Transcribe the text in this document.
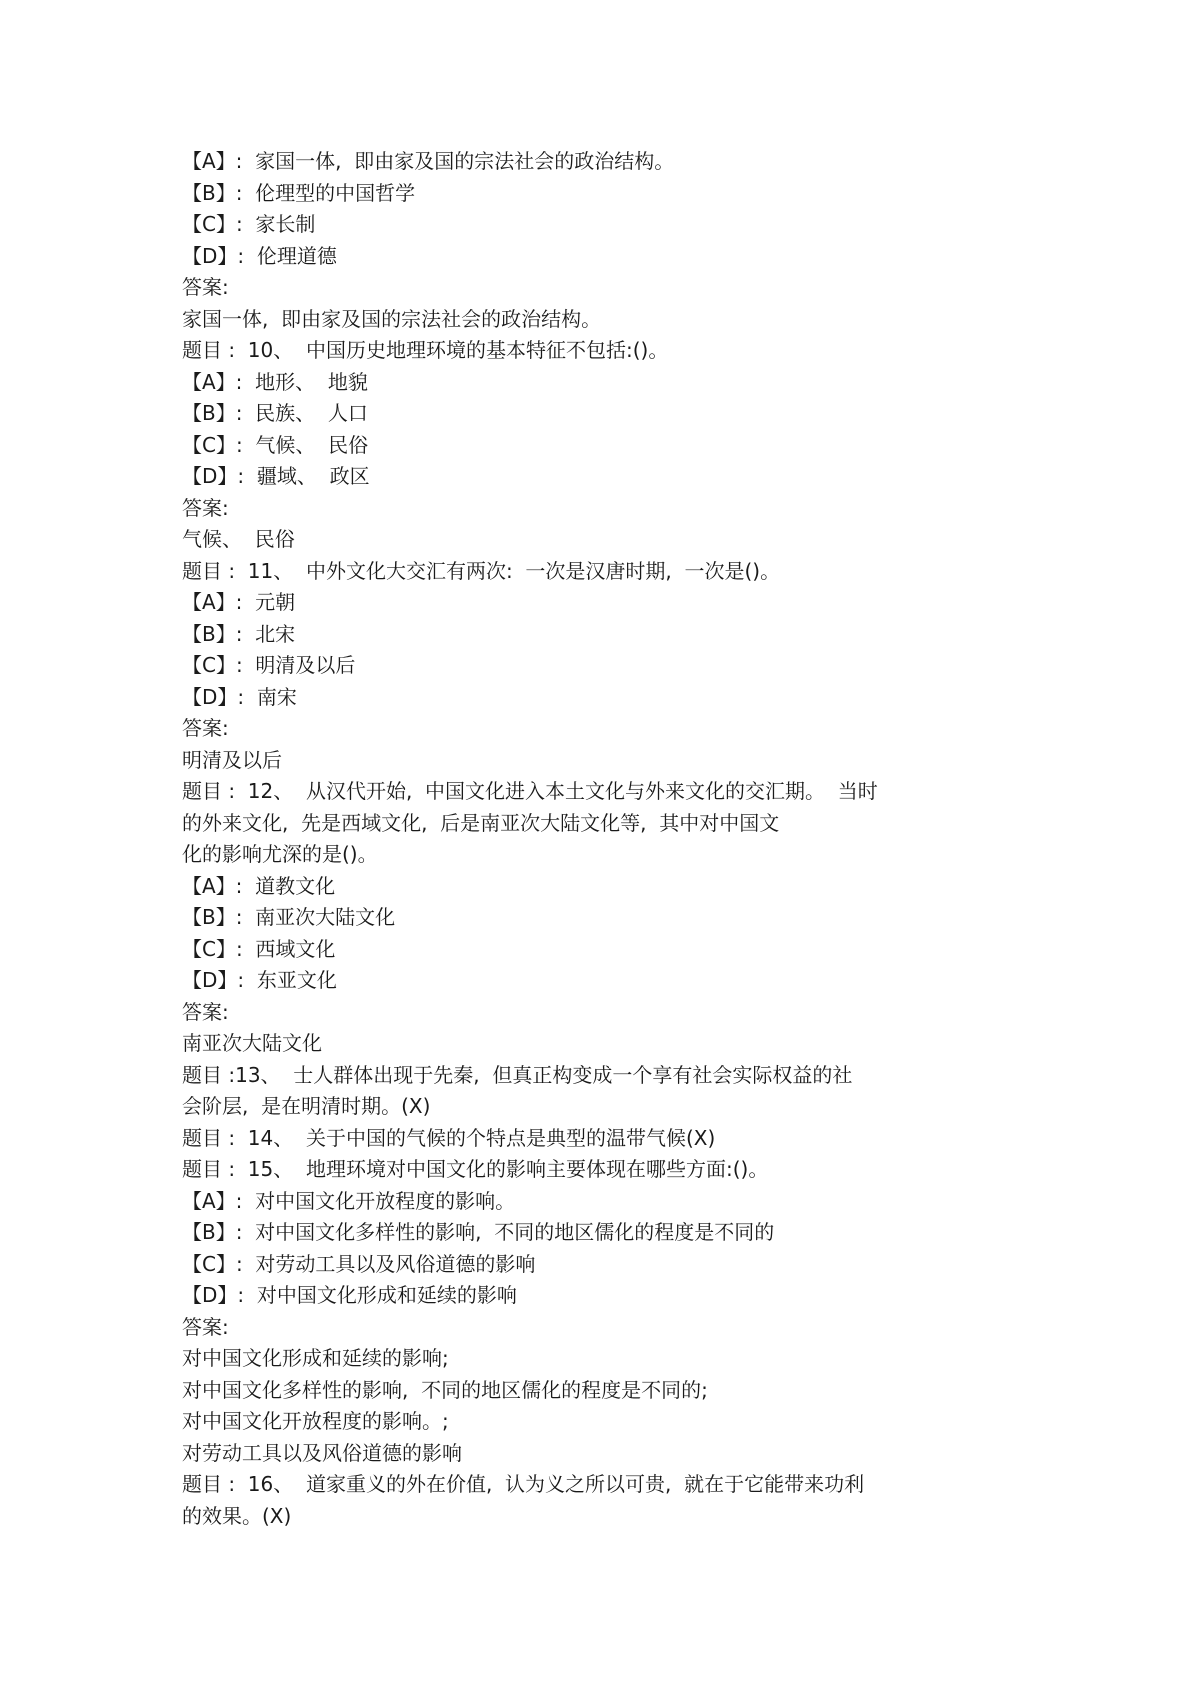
【A】:  家国一体,  即由家及国的宗法社会的政治结构。
【B】:  伦理型的中国哲学
【C】:  家长制
【D】:  伦理道德
答案:
家国一体,  即由家及国的宗法社会的政治结构。
题目 :  10、  中国历史地理环境的基本特征不包括:()。
【A】:  地形、  地貌
【B】:  民族、  人口
【C】:  气候、  民俗
【D】:  疆域、  政区
答案:
气候、  民俗
题目 :  11、  中外文化大交汇有两次:  一次是汉唐时期,  一次是()。
【A】:  元朝
【B】:  北宋
【C】:  明清及以后
【D】:  南宋
答案:
明清及以后
题目 :  12、  从汉代开始,  中国文化进入本土文化与外来文化的交汇期。  当时
的外来文化,  先是西域文化,  后是南亚次大陆文化等,  其中对中国文
化的影响尤深的是()。
【A】:  道教文化
【B】:  南亚次大陆文化
【C】:  西域文化
【D】:  东亚文化
答案:
南亚次大陆文化
题目 :13、  士人群体出现于先秦,  但真正构变成一个享有社会实际权益的社
会阶层,  是在明清时期。(X)
题目 :  14、  关于中国的气候的个特点是典型的温带气候(X)
题目 :  15、  地理环境对中国文化的影响主要体现在哪些方面:()。
【A】:  对中国文化开放程度的影响。
【B】:  对中国文化多样性的影响,  不同的地区儒化的程度是不同的
【C】:  对劳动工具以及风俗道德的影响
【D】:  对中国文化形成和延续的影响
答案:
对中国文化形成和延续的影响;
对中国文化多样性的影响,  不同的地区儒化的程度是不同的;
对中国文化开放程度的影响。;
对劳动工具以及风俗道德的影响
题目 :  16、  道家重义的外在价值,  认为义之所以可贵,  就在于它能带来功利
的效果。(X)
